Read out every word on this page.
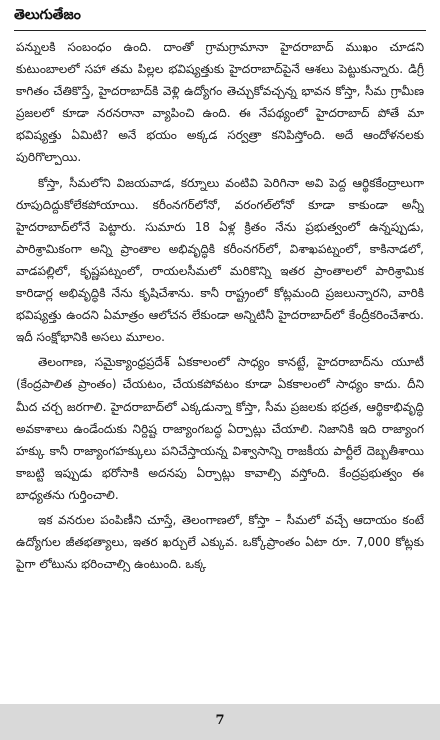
తెలుగుతేజం

పన్నులకి సంబంధం ఉంది. దాంతో గ్రామగ్రామానా హైదరాబాద్ ముఖం చూడని కుటుంబాలలో సహా తమ పిల్లల భవిష్యత్తుకు హైదరాబాద్‌పైనే ఆశలు పెట్టుకున్నారు. డిగ్రీ కాగితం చేతికొస్తే, హైదరాబాద్‌కి వెళ్లి ఉద్యోగం తెచ్చుకోవచ్చన్న భావన కోస్తా, సీమ గ్రామీణ ప్రజలలో కూడా నరనరానా వ్యాపించి ఉంది. ఈ నేపథ్యంలో హైదరాబాద్ పోతే మా భవిష్యత్తు ఏమిటి? అనే భయం అక్కడ సర్వత్రా కనిపిస్తోంది. అదే ఆందోళనలకు పురిగొల్పాయి.

కోస్తా, సీమలోని విజయవాడ, కర్నూలు వంటివి పెరిగినా అవి పెద్ద ఆర్థికకేంద్రాలుగా రూపుదిద్దుకోలేకపోయాయి. కరీంనగర్‌లోనో, వరంగల్‌లోనో కూడా కాకుండా అన్నీ హైదరాబాద్‌లోనే పెట్టారు. సుమారు 18 ఏళ్ల క్రితం నేను ప్రభుత్వంలో ఉన్నప్పుడు, పారిశ్రామికంగా అన్ని ప్రాంతాల అభివృద్ధికి కరీంనగర్‌లో, విశాఖపట్నంలో, కాకినాడలో, వాడపల్లిలో, కృష్ణపట్నంలో, రాయలసీమలో మరికొన్ని ఇతర ప్రాంతాలలో పారిశ్రామిక కారిడార్ల అభివృద్ధికి నేను కృషిచేశాను. కానీ రాష్ట్రంలో కోట్లమంది ప్రజలున్నారని, వారికి భవిష్యత్తు ఉందని ఏమాత్రం ఆలోచన లేకుండా అన్నిటినీ హైదరాబాద్‌లో కేంద్రీకరించేశారు. ఇదీ సంక్షోభానికి అసలు మూలం.

తెలంగాణ, సమైక్యాంధ్రప్రదేశ్ ఏకకాలంలో సాధ్యం కానట్టే, హైదరాబాద్‌ను యూటీ (కేంద్రపాలిత ప్రాంతం) చేయటం, చేయకపోవటం కూడా ఏకకాలంలో సాధ్యం కాదు. దీని మీద చర్చ జరగాలి. హైదరాబాద్‌లో ఎక్కడున్నా కోస్తా, సీమ ప్రజలకు భద్రత, ఆర్థికాభివృద్ధి అవకాశాలు ఉండేందుకు నిర్దిష్ట రాజ్యాంగబద్ధ ఏర్పాట్లు చేయాలి. నిజానికి ఇది రాజ్యాంగ హక్కు కానీ రాజ్యాంగహక్కులు పనిచేస్తాయన్న విశ్వాసాన్ని రాజకీయ పార్టీలే దెబ్బతీశాయి కాబట్టి ఇప్పుడు భరోసాకి అదనపు ఏర్పాట్లు కావాల్సి వస్తోంది. కేంద్రప్రభుత్వం ఈ బాధ్యతను గుర్తించాలి.

ఇక వనరుల పంపిణీని చూస్తే, తెలంగాణలో, కోస్తా – సీమలో వచ్చే ఆదాయం కంటే ఉద్యోగుల జీతభత్యాలు, ఇతర ఖర్చులే ఎక్కువ. ఒక్కోప్రాంతం ఏటా రూ. 7,000 కోట్లకు పైగా లోటును భరించాల్సి ఉంటుంది. ఒక్క

7
